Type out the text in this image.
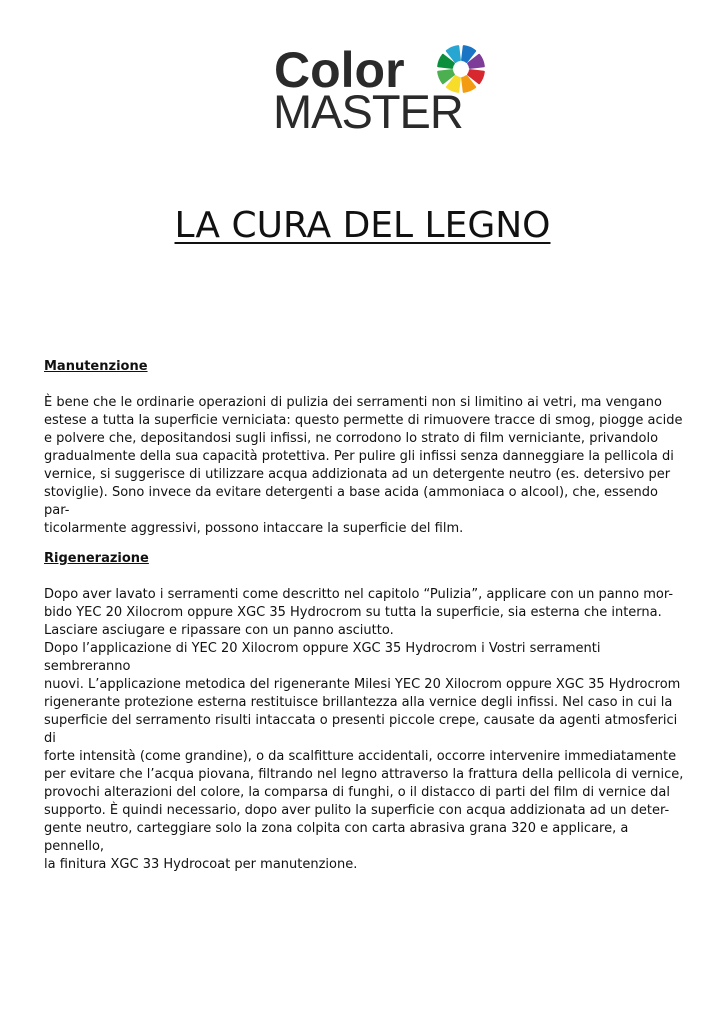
Color
MASTER
LA CURA DEL LEGNO
Manutenzione

È bene che le ordinarie operazioni di pulizia dei serramenti non si limitino ai vetri, ma vengano
estese a tutta la superficie verniciata: questo permette di rimuovere tracce di smog, piogge acide
e polvere che, depositandosi sugli infissi, ne corrodono lo strato di film verniciante, privandolo
gradualmente della sua capacità protettiva. Per pulire gli infissi senza danneggiare la pellicola di
vernice, si suggerisce di utilizzare acqua addizionata ad un detergente neutro (es. detersivo per
stoviglie). Sono invece da evitare detergenti a base acida (ammoniaca o alcool), che, essendo par-
ticolarmente aggressivi, possono intaccare la superficie del film.

Rigenerazione

Dopo aver lavato i serramenti come descritto nel capitolo “Pulizia”, applicare con un panno mor-
bido YEC 20 Xilocrom oppure XGC 35 Hydrocrom su tutta la superficie, sia esterna che interna.
Lasciare asciugare e ripassare con un panno asciutto.
Dopo l’applicazione di YEC 20 Xilocrom oppure XGC 35 Hydrocrom i Vostri serramenti sembreranno
nuovi. L’applicazione metodica del rigenerante Milesi YEC 20 Xilocrom oppure XGC 35 Hydrocrom
rigenerante protezione esterna restituisce brillantezza alla vernice degli infissi. Nel caso in cui la
superficie del serramento risulti intaccata o presenti piccole crepe, causate da agenti atmosferici di
forte intensità (come grandine), o da scalfitture accidentali, occorre intervenire immediatamente
per evitare che l’acqua piovana, filtrando nel legno attraverso la frattura della pellicola di vernice,
provochi alterazioni del colore, la comparsa di funghi, o il distacco di parti del film di vernice dal
supporto. È quindi necessario, dopo aver pulito la superficie con acqua addizionata ad un deter-
gente neutro, carteggiare solo la zona colpita con carta abrasiva grana 320 e applicare, a pennello,
la finitura XGC 33 Hydrocoat per manutenzione.
